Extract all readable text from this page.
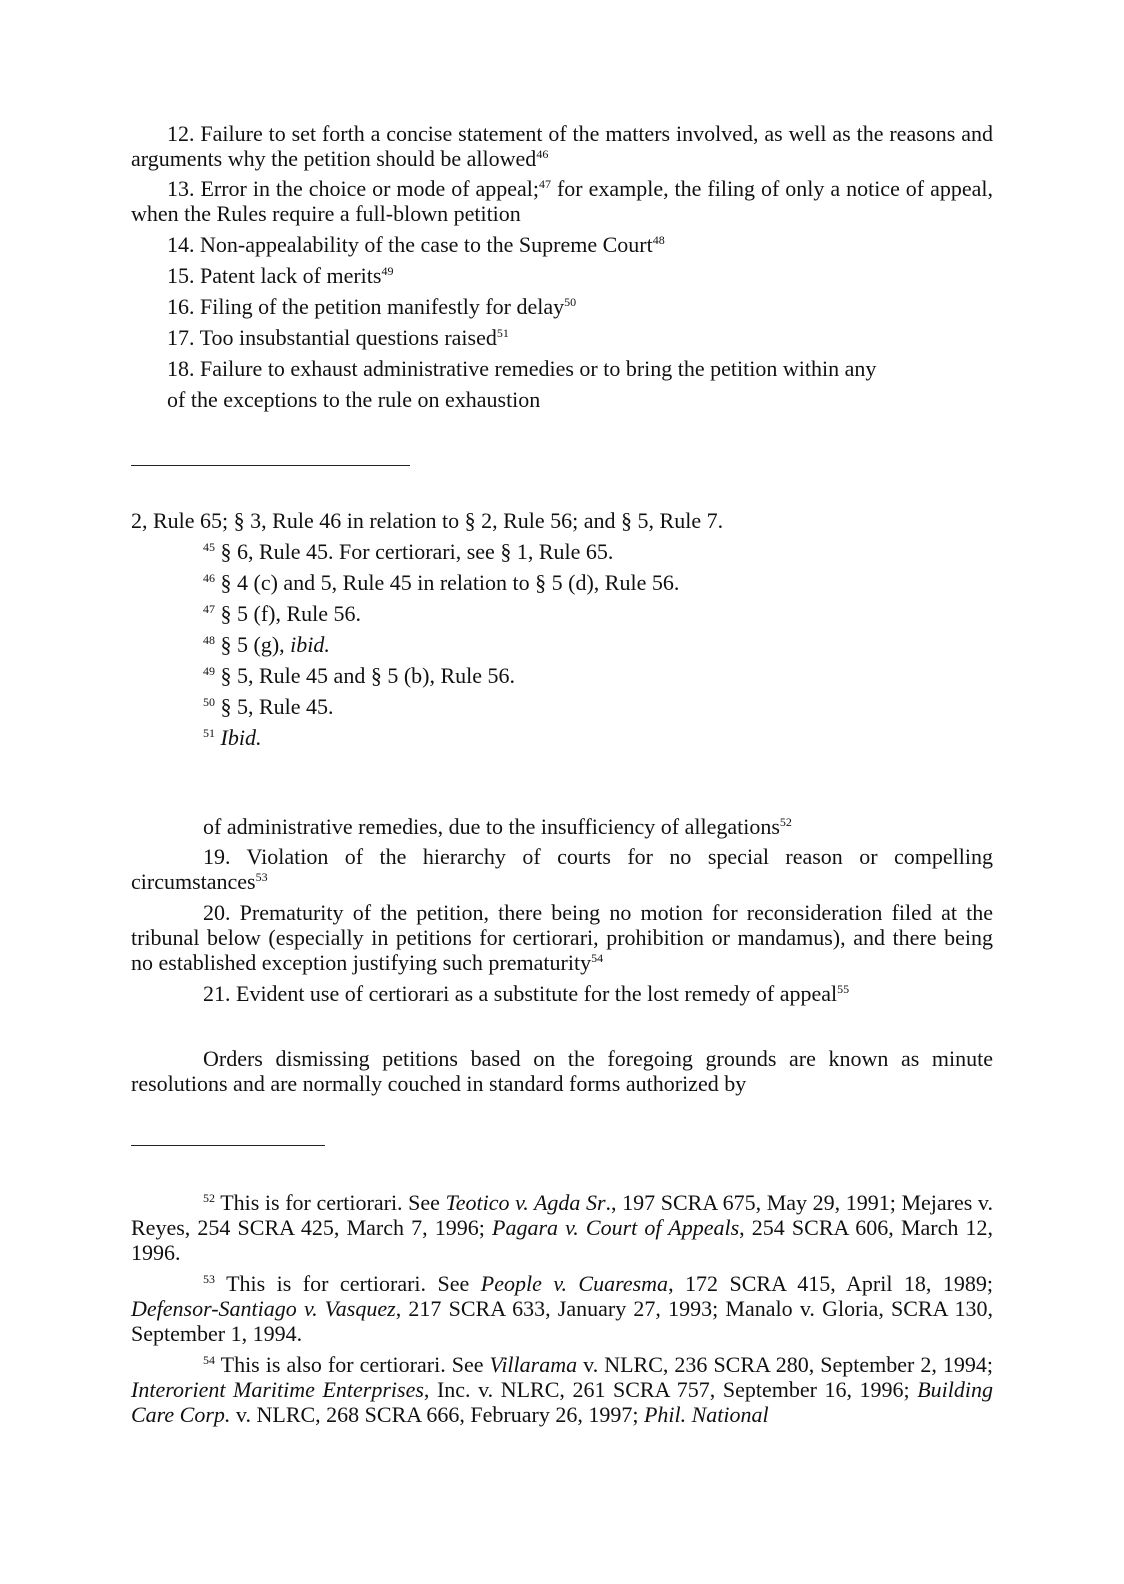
12. Failure to set forth a concise statement of the matters involved, as well as the reasons and arguments why the petition should be allowed$^{46}$

13. Error in the choice or mode of appeal;$^{47}$ for example, the filing of only a notice of appeal, when the Rules require a full-blown petition

14. Non-appealability of the case to the Supreme Court$^{48}$

15. Patent lack of merits$^{49}$

16. Filing of the petition manifestly for delay$^{50}$

17. Too insubstantial questions raised$^{51}$

18. Failure to exhaust administrative remedies or to bring the petition within any

of the exceptions to the rule on exhaustion

2, Rule 65; § 3, Rule 46 in relation to § 2, Rule 56; and § 5, Rule 7.

$^{45}$ § 6, Rule 45. For certiorari, see § 1, Rule 65.

$^{46}$ § 4 (c) and 5, Rule 45 in relation to § 5 (d), Rule 56.

$^{47}$ § 5 (f), Rule 56.

$^{48}$ § 5 (g), ibid.

$^{49}$ § 5, Rule 45 and § 5 (b), Rule 56.

$^{50}$ § 5, Rule 45.

$^{51}$ Ibid.

of administrative remedies, due to the insufficiency of allegations$^{52}$

19. Violation of the hierarchy of courts for no special reason or compelling circumstances$^{53}$

20. Prematurity of the petition, there being no motion for reconsideration filed at the tribunal below (especially in petitions for certiorari, prohibition or mandamus), and there being no established exception justifying such prematurity$^{54}$

21. Evident use of certiorari as a substitute for the lost remedy of appeal$^{55}$

Orders dismissing petitions based on the foregoing grounds are known as minute resolutions and are normally couched in standard forms authorized by

$^{52}$ This is for certiorari. See Teotico v. Agda Sr., 197 SCRA 675, May 29, 1991; Mejares v. Reyes, 254 SCRA 425, March 7, 1996; Pagara v. Court of Appeals, 254 SCRA 606, March 12, 1996.

$^{53}$ This is for certiorari. See People v. Cuaresma, 172 SCRA 415, April 18, 1989; Defensor-Santiago v. Vasquez, 217 SCRA 633, January 27, 1993; Manalo v. Gloria, SCRA 130, September 1, 1994.

$^{54}$ This is also for certiorari. See Villarama v. NLRC, 236 SCRA 280, September 2, 1994; Interorient Maritime Enterprises, Inc. v. NLRC, 261 SCRA 757, September 16, 1996; Building Care Corp. v. NLRC, 268 SCRA 666, February 26, 1997; Phil. National
